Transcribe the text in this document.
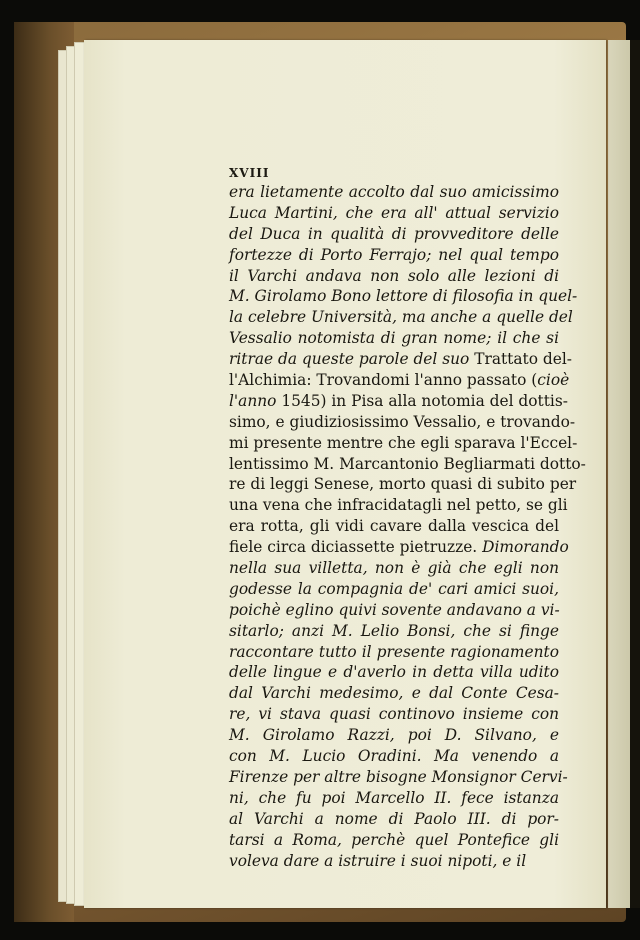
XVIII
era lietamente accolto dal suo amicissimo
Luca Martini, che era all' attual servizio
del Duca in qualità di provveditore delle
fortezze di Porto Ferrajo; nel qual tempo
il Varchi andava non solo alle lezioni di
M. Girolamo Bono lettore di filosofia in quel-
la celebre Università, ma anche a quelle del
Vessalio notomista di gran nome; il che si
ritrae da queste parole del suo Trattato del-
l'Alchimia: Trovandomi l'anno passato (cioè
l'anno 1545) in Pisa alla notomia del dottis-
simo, e giudiziosissimo Vessalio, e trovando-
mi presente mentre che egli sparava l'Eccel-
lentissimo M. Marcantonio Begliarmati dotto-
re di leggi Senese, morto quasi di subito per
una vena che infracidatagli nel petto, se gli
era rotta, gli vidi cavare dalla vescica del
fiele circa diciassette pietruzze. Dimorando
nella sua villetta, non è già che egli non
godesse la compagnia de' cari amici suoi,
poichè eglino quivi sovente andavano a vi-
sitarlo; anzi M. Lelio Bonsi, che si finge
raccontare tutto il presente ragionamento
delle lingue e d'averlo in detta villa udito
dal Varchi medesimo, e dal Conte Cesa-
re, vi stava quasi continovo insieme con
M. Girolamo Razzi, poi D. Silvano, e
con M. Lucio Oradini. Ma venendo a
Firenze per altre bisogne Monsignor Cervi-
ni, che fu poi Marcello II. fece istanza
al Varchi a nome di Paolo III. di por-
tarsi a Roma, perchè quel Pontefice gli
voleva dare a istruire i suoi nipoti, e il
